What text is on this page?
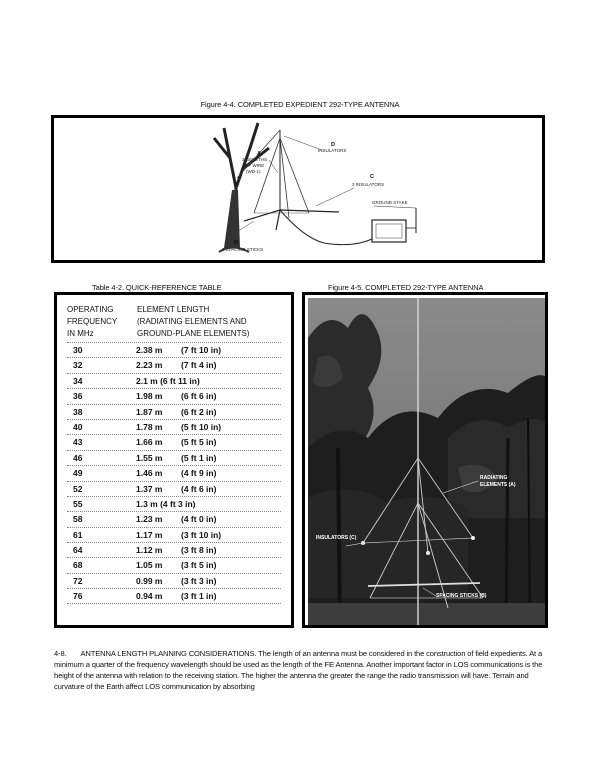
Figure 4-4. COMPLETED EXPEDIENT 292-TYPE ANTENNA
A
3 LENGTHS
OF WIRE
(WD-1)
D
INSULATORS
C
3 INSULATORS
GROUND STAKE
B
3 SPACING STICKS
Table 4-2. QUICK-REFERENCE TABLE
OPERATING
FREQUENCY
IN MHz
ELEMENT LENGTH
(RADIATING ELEMENTS AND
GROUND-PLANE ELEMENTS)
30	2.38 m (7 ft 10 in)
32	2.23 m (7 ft 4 in)
34	2.1 m (6 ft 11 in)
36	1.98 m (6 ft 6 in)
38	1.87 m (6 ft 2 in)
40	1.78 m (5 ft 10 in)
43	1.66 m (5 ft 5 in)
46	1.55 m (5 ft 1 in)
49	1.46 m (4 ft 9 in)
52	1.37 m (4 ft 6 in)
55	1.3 m (4 ft 3 in)
58	1.23 m (4 ft 0 in)
61	1.17 m (3 ft 10 in)
64	1.12 m (3 ft 8 in)
68	1.05 m (3 ft 5 in)
72	0.99 m (3 ft 3 in)
76	0.94 m (3 ft 1 in)
Figure 4-5. COMPLETED 292-TYPE ANTENNA
RADIATING
ELEMENTS (A)
INSULATORS (C)
SPACING STICKS (B)
4-8. ANTENNA LENGTH PLANNING CONSIDERATIONS. The length of an antenna must be considered in the construction of field expedients. At a minimum a quarter of the frequency wavelength should be used as the length of the FE Antenna. Another important factor in LOS communications is the height of the antenna with relation to the receiving station. The higher the antenna the greater the range the radio transmission will have. Terrain and curvature of the Earth affect LOS communication by absorbing
